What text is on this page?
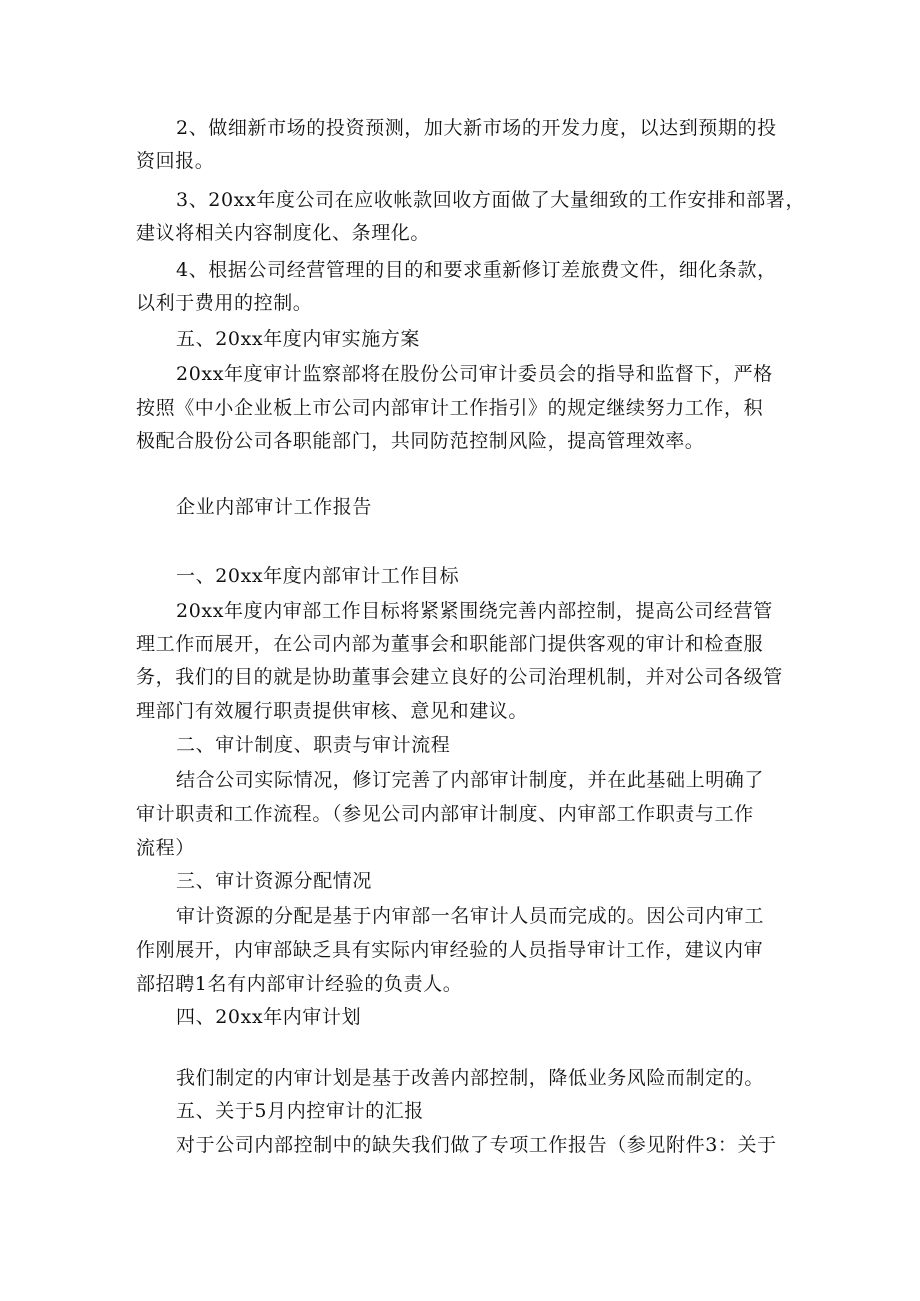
2、做细新市场的投资预测，加大新市场的开发力度，以达到预期的投
资回报。
3、20xx年度公司在应收帐款回收方面做了大量细致的工作安排和部署，
建议将相关内容制度化、条理化。
4、根据公司经营管理的目的和要求重新修订差旅费文件，细化条款，
以利于费用的控制。
五、20xx年度内审实施方案
20xx年度审计监察部将在股份公司审计委员会的指导和监督下，严格
按照《中小企业板上市公司内部审计工作指引》的规定继续努力工作，积
极配合股份公司各职能部门，共同防范控制风险，提高管理效率。
企业内部审计工作报告
一、20xx年度内部审计工作目标
20xx年度内审部工作目标将紧紧围绕完善内部控制，提高公司经营管
理工作而展开，在公司内部为董事会和职能部门提供客观的审计和检查服
务，我们的目的就是协助董事会建立良好的公司治理机制，并对公司各级管
理部门有效履行职责提供审核、意见和建议。
二、审计制度、职责与审计流程
结合公司实际情况，修订完善了内部审计制度，并在此基础上明确了
审计职责和工作流程。（参见公司内部审计制度、内审部工作职责与工作
流程）
三、审计资源分配情况
审计资源的分配是基于内审部一名审计人员而完成的。因公司内审工
作刚展开，内审部缺乏具有实际内审经验的人员指导审计工作，建议内审
部招聘1名有内部审计经验的负责人。
四、20xx年内审计划
我们制定的内审计划是基于改善内部控制，降低业务风险而制定的。
五、关于5月内控审计的汇报
对于公司内部控制中的缺失我们做了专项工作报告（参见附件3：关于
